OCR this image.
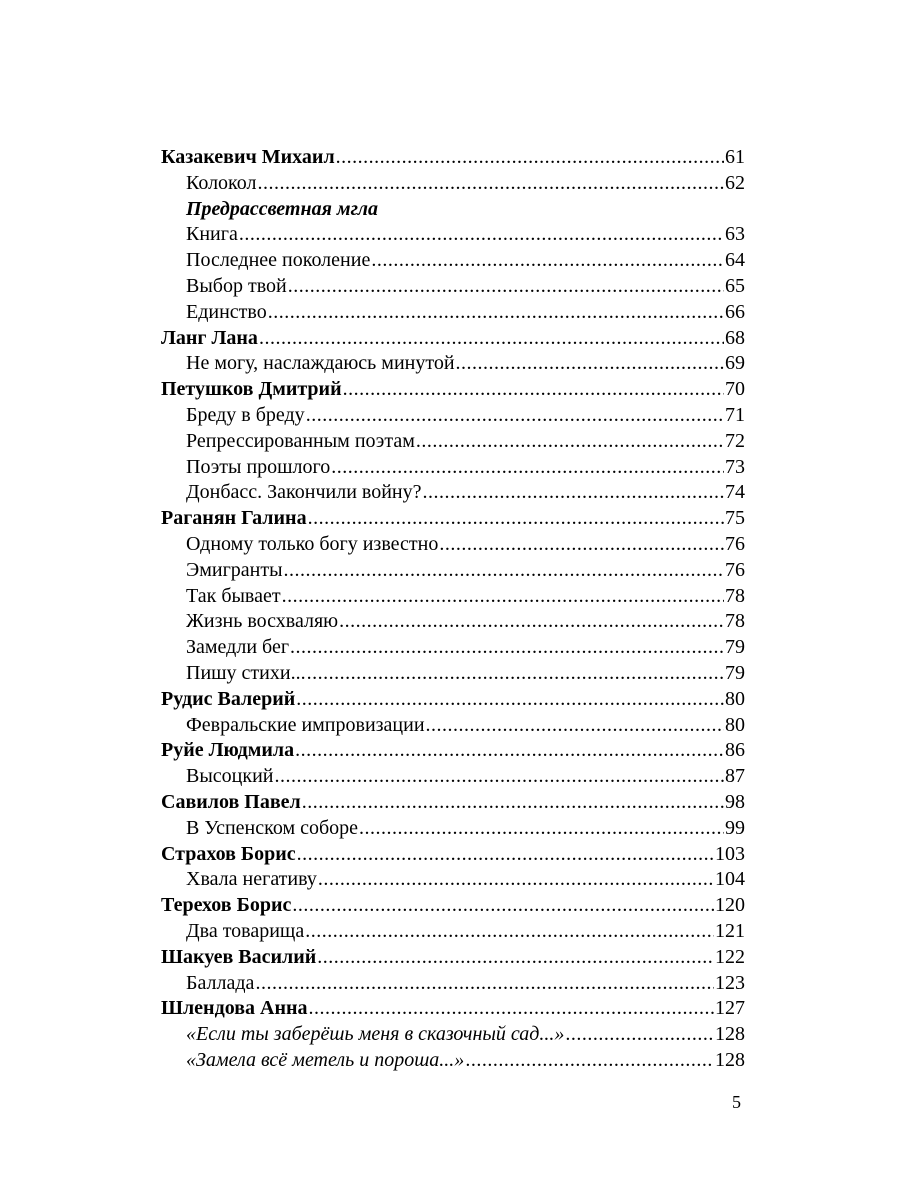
Казакевич Михаил .....	61
Колокол .....	62
Предрассветная мгла
Книга .....	63
Последнее поколение .....	64
Выбор твой .....	65
Единство .....	66
Ланг Лана .....	68
Не могу, наслаждаюсь минутой .....	69
Петушков Дмитрий .....	70
Бреду в бреду .....	71
Репрессированным поэтам .....	72
Поэты прошлого .....	73
Донбасс. Закончили войну? .....	74
Раганян Галина .....	75
Одному только богу известно .....	76
Эмигранты .....	76
Так бывает .....	78
Жизнь восхваляю .....	78
Замедли бег .....	79
Пишу стихи... .....	79
Рудис Валерий .....	80
Февральские импровизации .....	80
Руйе Людмила .....	86
Высоцкий .....	87
Савилов Павел .....	98
В Успенском соборе .....	99
Страхов Борис .....	103
Хвала негативу .....	104
Терехов Борис .....	120
Два товарища .....	121
Шакуев Василий .....	122
Баллада .....	123
Шлендова Анна .....	127
«Если ты заберёшь меня в сказочный сад...» .....	128
«Замела всё метель и пороша...» .....	128
5
